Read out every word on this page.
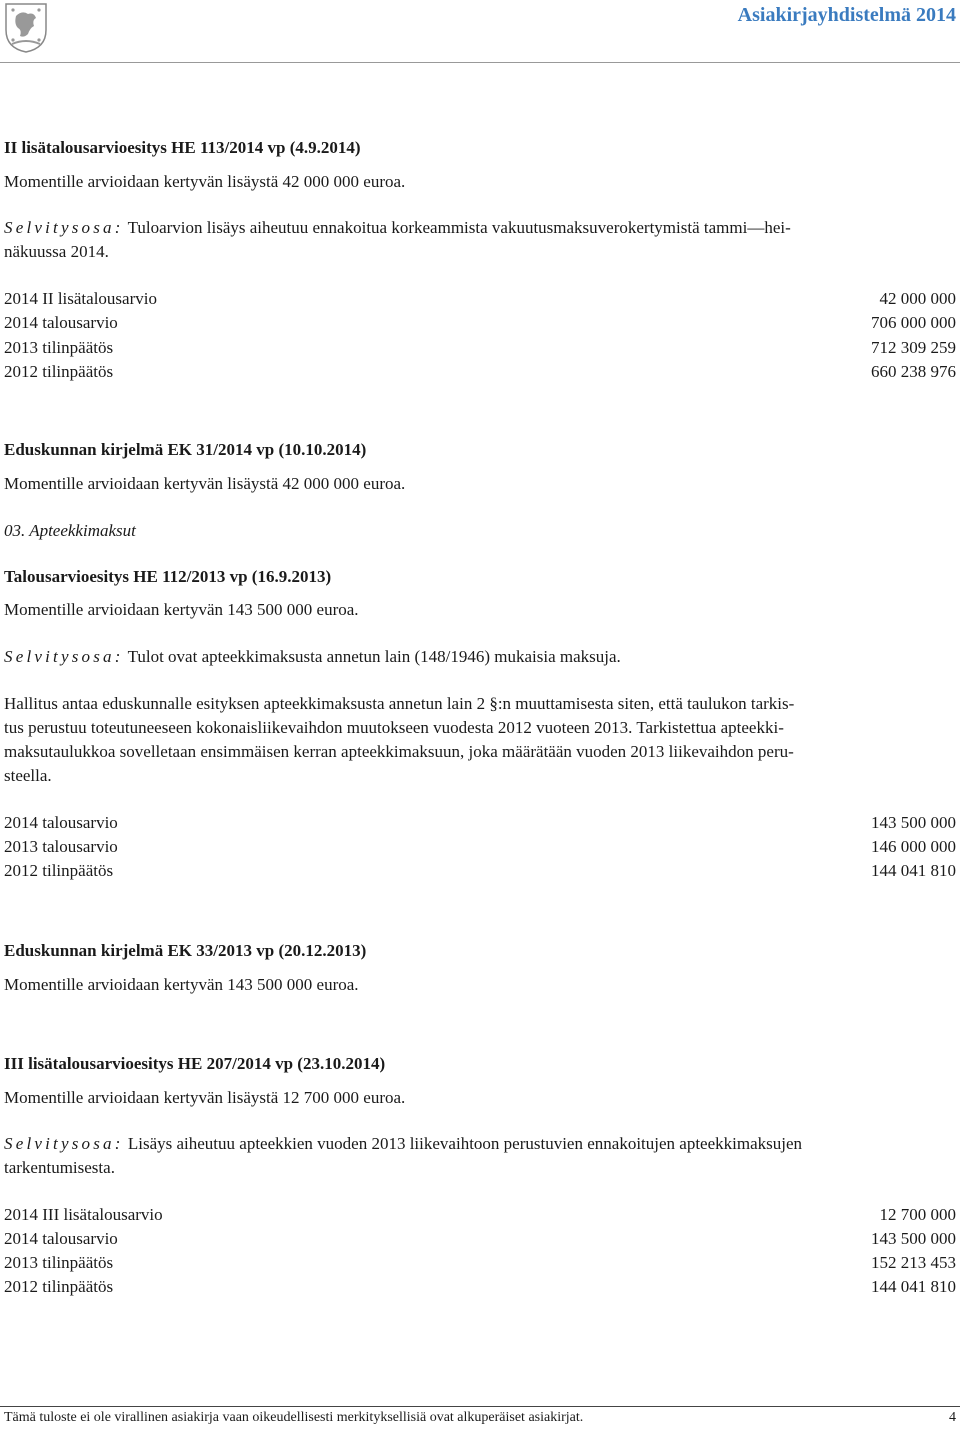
Asiakirjayhdistelmä 2014

II lisätalousarvioesitys HE 113/2014 vp (4.9.2014)

Momentille arvioidaan kertyvän lisäystä 42 000 000 euroa.

Selvitysosa: Tuloarvion lisäys aiheutuu ennakoitua korkeammista vakuutusmaksuverokertymistä tammi—hei-

näkuussa 2014.

2014 II lisätalousarvio	42 000 000
2014 talousarvio	706 000 000
2013 tilinpäätös	712 309 259
2012 tilinpäätös	660 238 976

Eduskunnan kirjelmä EK 31/2014 vp (10.10.2014)

Momentille arvioidaan kertyvän lisäystä 42 000 000 euroa.

03. Apteekkimaksut

Talousarvioesitys HE 112/2013 vp (16.9.2013)

Momentille arvioidaan kertyvän 143 500 000 euroa.

Selvitysosa: Tulot ovat apteekkimaksusta annetun lain (148/1946) mukaisia maksuja.

Hallitus antaa eduskunnalle esityksen apteekkimaksusta annetun lain 2 §:n muuttamisesta siten, että taulukon tarkis-

tus perustuu toteutuneeseen kokonaisliikevaihdon muutokseen vuodesta 2012 vuoteen 2013. Tarkistettua apteekki-

maksutaulukkoa sovelletaan ensimmäisen kerran apteekkimaksuun, joka määrätään vuoden 2013 liikevaihdon peru-

steella.

2014 talousarvio	143 500 000
2013 talousarvio	146 000 000
2012 tilinpäätös	144 041 810

Eduskunnan kirjelmä EK 33/2013 vp (20.12.2013)

Momentille arvioidaan kertyvän 143 500 000 euroa.

III lisätalousarvioesitys HE 207/2014 vp (23.10.2014)

Momentille arvioidaan kertyvän lisäystä 12 700 000 euroa.

Selvitysosa: Lisäys aiheutuu apteekkien vuoden 2013 liikevaihtoon perustuvien ennakoitujen apteekkimaksujen

tarkentumisesta.

2014 III lisätalousarvio	12 700 000
2014 talousarvio	143 500 000
2013 tilinpäätös	152 213 453
2012 tilinpäätös	144 041 810
Tämä tuloste ei ole virallinen asiakirja vaan oikeudellisesti merkityksellisiä ovat alkuperäiset asiakirjat.	4
